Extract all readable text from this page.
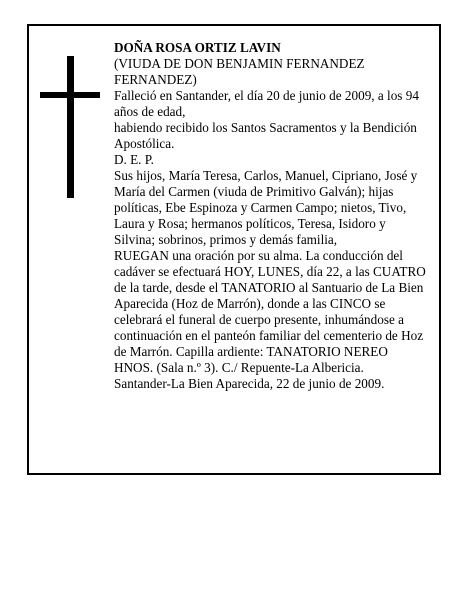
DOÑA ROSA ORTIZ LAVIN

(VIUDA DE DON BENJAMIN FERNANDEZ FERNANDEZ)

Falleció en Santander, el día 20 de junio de 2009, a los 94 años de edad,

habiendo recibido los Santos Sacramentos y la Bendición Apostólica.

D. E. P.

Sus hijos, María Teresa, Carlos, Manuel, Cipriano, José y María del Carmen (viuda de Primitivo Galván); hijas políticas, Ebe Espinoza y Carmen Campo; nietos, Tivo, Laura y Rosa; hermanos políticos, Teresa, Isidoro y Silvina; sobrinos, primos y demás familia,

RUEGAN una oración por su alma. La conducción del cadáver se efectuará HOY, LUNES, día 22, a las CUATRO de la tarde, desde el TANATORIO al Santuario de La Bien Aparecida (Hoz de Marrón), donde a las CINCO se celebrará el funeral de cuerpo presente, inhumándose a continuación en el panteón familiar del cementerio de Hoz de Marrón. Capilla ardiente: TANATORIO NEREO HNOS. (Sala n.º 3). C./ Repuente-La Albericia.

Santander-La Bien Aparecida, 22 de junio de 2009.
